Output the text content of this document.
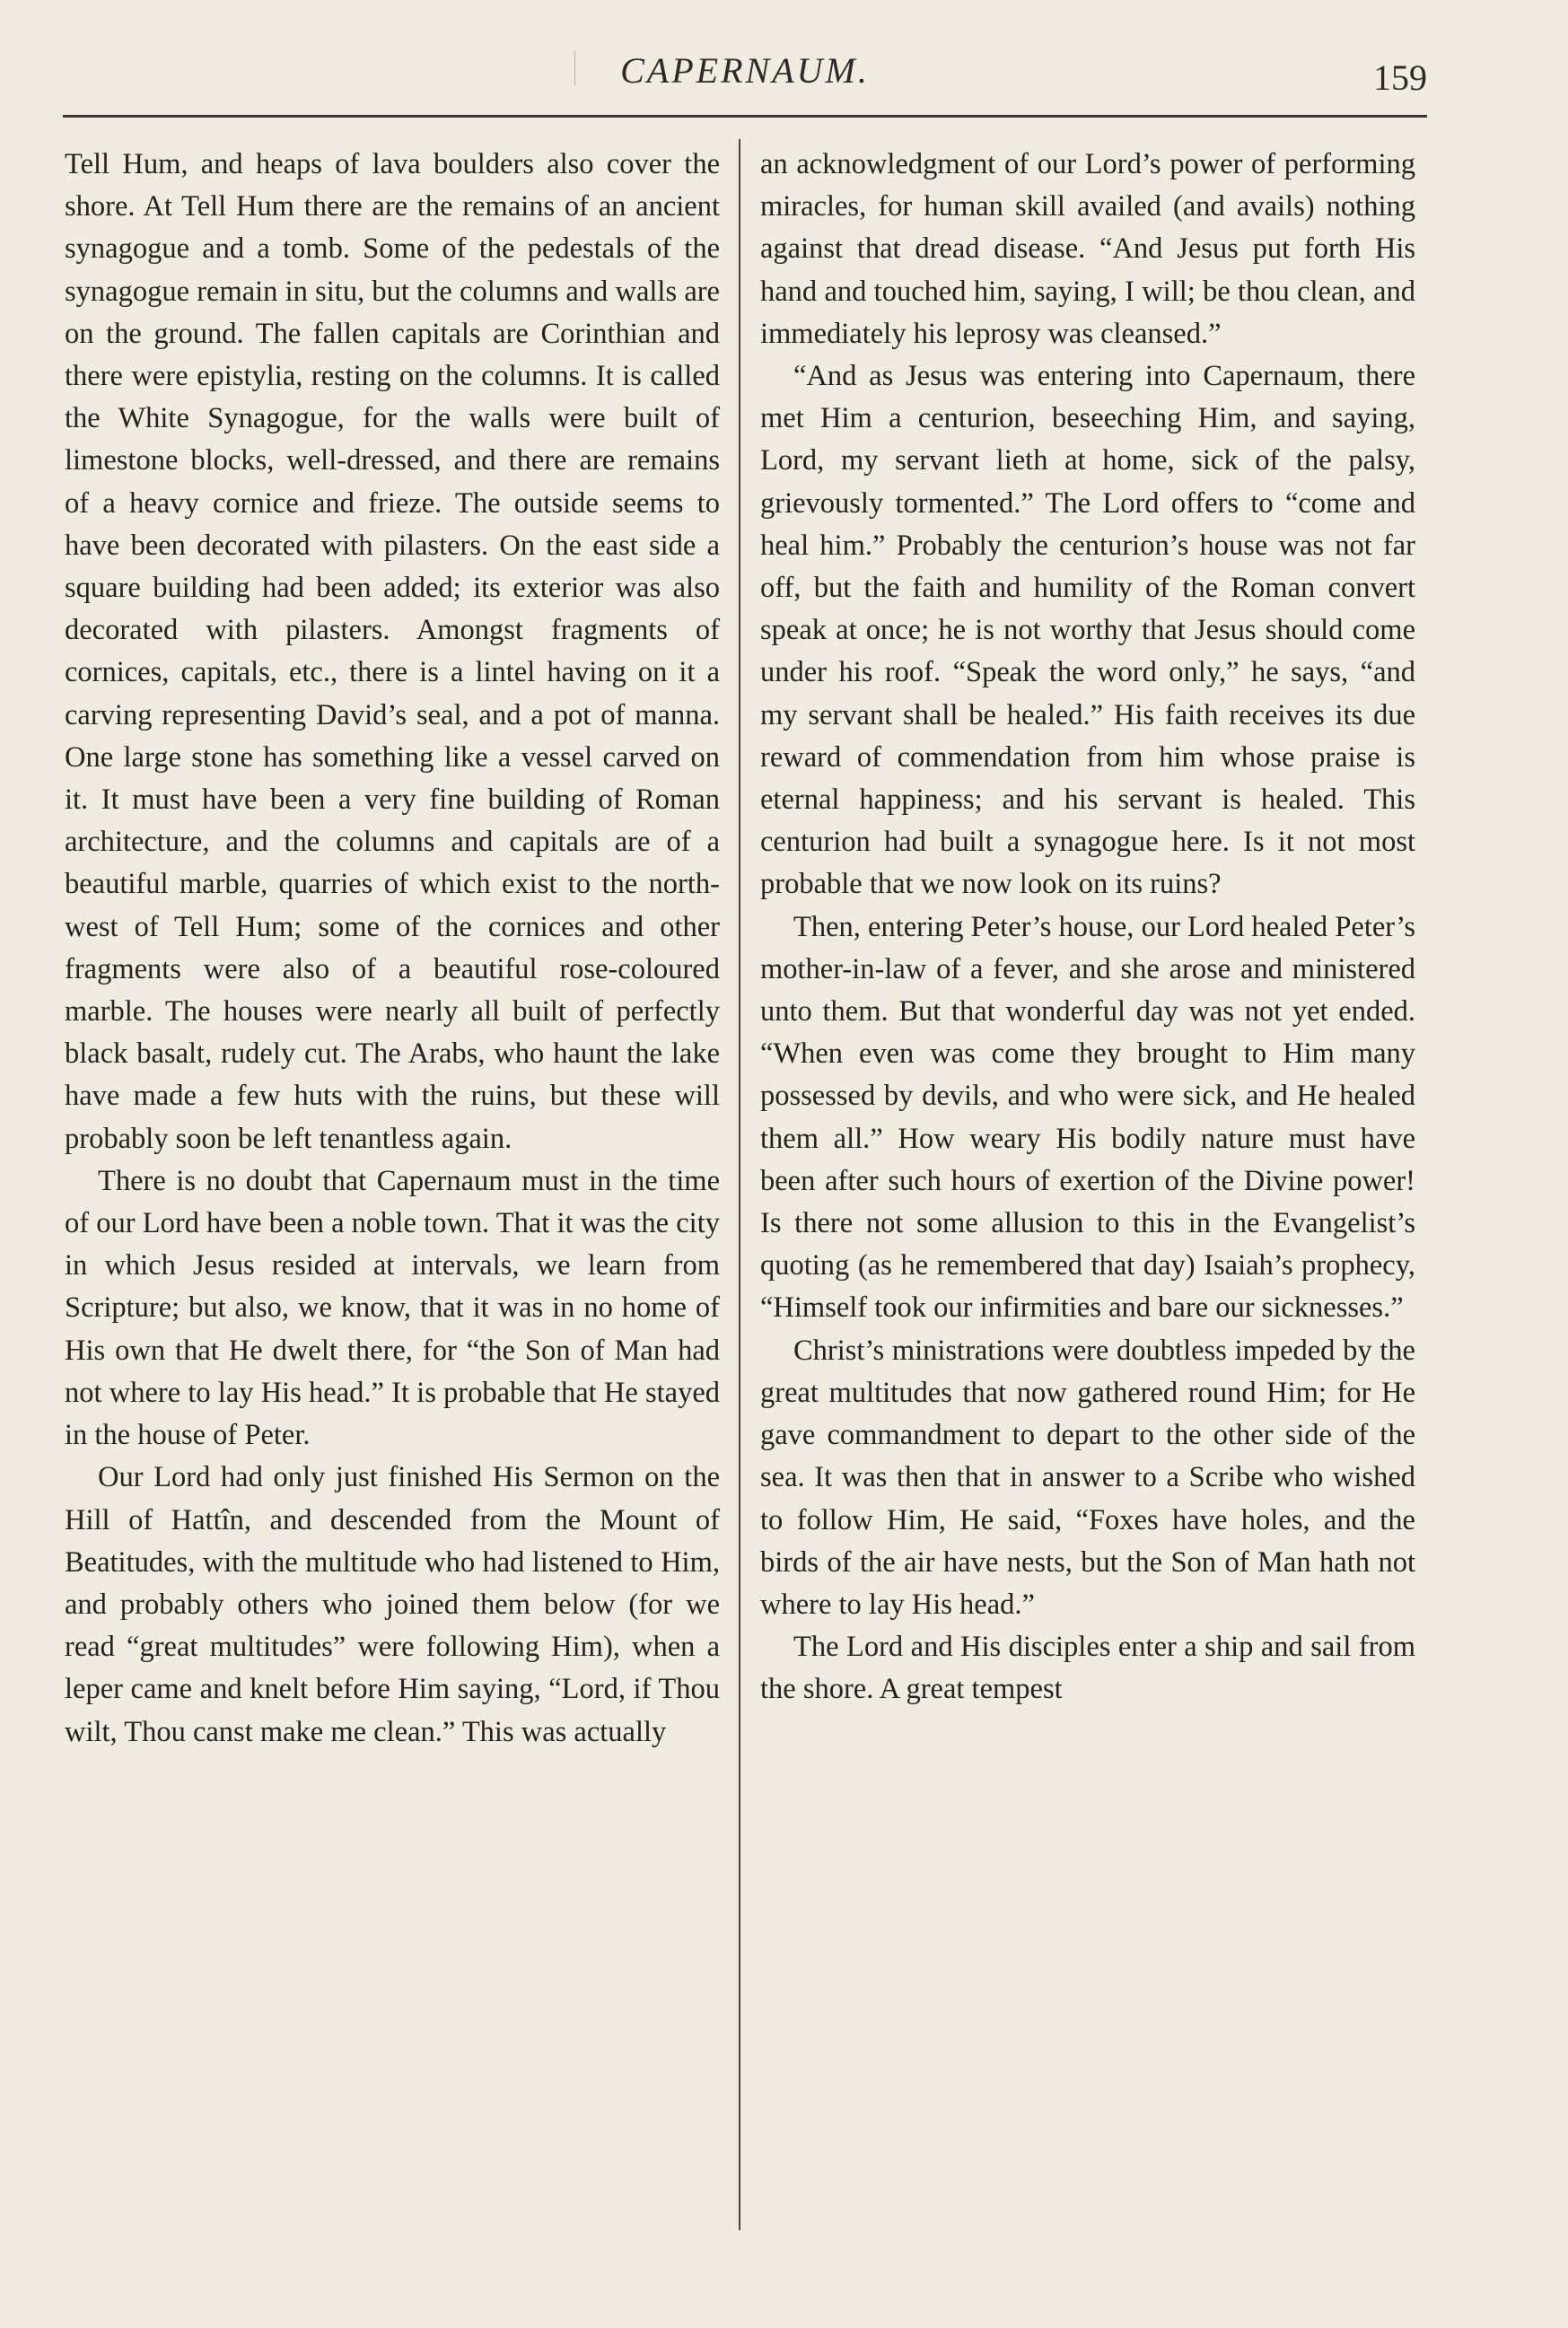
CAPERNAUM.	159

Tell Hum, and heaps of lava boulders also cover the shore. At Tell Hum there are the remains of an ancient synagogue and a tomb. Some of the pedestals of the synagogue remain in situ, but the columns and walls are on the ground. The fallen capitals are Corinthian and there were epistylia, resting on the columns. It is called the White Synagogue, for the walls were built of limestone blocks, well-dressed, and there are remains of a heavy cornice and frieze. The outside seems to have been decorated with pilasters. On the east side a square building had been added; its exterior was also decorated with pilasters. Amongst fragments of cornices, capitals, etc., there is a lintel having on it a carving representing David’s seal, and a pot of manna. One large stone has something like a vessel carved on it. It must have been a very fine building of Roman architecture, and the columns and capitals are of a beautiful marble, quarries of which exist to the north-west of Tell Hum; some of the cornices and other fragments were also of a beautiful rose-coloured marble. The houses were nearly all built of perfectly black basalt, rudely cut. The Arabs, who haunt the lake have made a few huts with the ruins, but these will probably soon be left tenantless again.

There is no doubt that Capernaum must in the time of our Lord have been a noble town. That it was the city in which Jesus resided at intervals, we learn from Scripture; but also, we know, that it was in no home of His own that He dwelt there, for “the Son of Man had not where to lay His head.” It is probable that He stayed in the house of Peter.

Our Lord had only just finished His Sermon on the Hill of Hattîn, and descended from the Mount of Beatitudes, with the multitude who had listened to Him, and probably others who joined them below (for we read “great multitudes” were following Him), when a leper came and knelt before Him saying, “Lord, if Thou wilt, Thou canst make me clean.” This was actually

an acknowledgment of our Lord’s power of performing miracles, for human skill availed (and avails) nothing against that dread disease. “And Jesus put forth His hand and touched him, saying, I will; be thou clean, and immediately his leprosy was cleansed.”

“And as Jesus was entering into Capernaum, there met Him a centurion, beseeching Him, and saying, Lord, my servant lieth at home, sick of the palsy, grievously tormented.” The Lord offers to “come and heal him.” Probably the centurion’s house was not far off, but the faith and humility of the Roman convert speak at once; he is not worthy that Jesus should come under his roof. “Speak the word only,” he says, “and my servant shall be healed.” His faith receives its due reward of commendation from him whose praise is eternal happiness; and his servant is healed. This centurion had built a synagogue here. Is it not most probable that we now look on its ruins?

Then, entering Peter’s house, our Lord healed Peter’s mother-in-law of a fever, and she arose and ministered unto them. But that wonderful day was not yet ended. “When even was come they brought to Him many possessed by devils, and who were sick, and He healed them all.” How weary His bodily nature must have been after such hours of exertion of the Divine power! Is there not some allusion to this in the Evangelist’s quoting (as he remembered that day) Isaiah’s prophecy, “Himself took our infirmities and bare our sicknesses.”

Christ’s ministrations were doubtless impeded by the great multitudes that now gathered round Him; for He gave commandment to depart to the other side of the sea. It was then that in answer to a Scribe who wished to follow Him, He said, “Foxes have holes, and the birds of the air have nests, but the Son of Man hath not where to lay His head.”

The Lord and His disciples enter a ship and sail from the shore. A great tempest
